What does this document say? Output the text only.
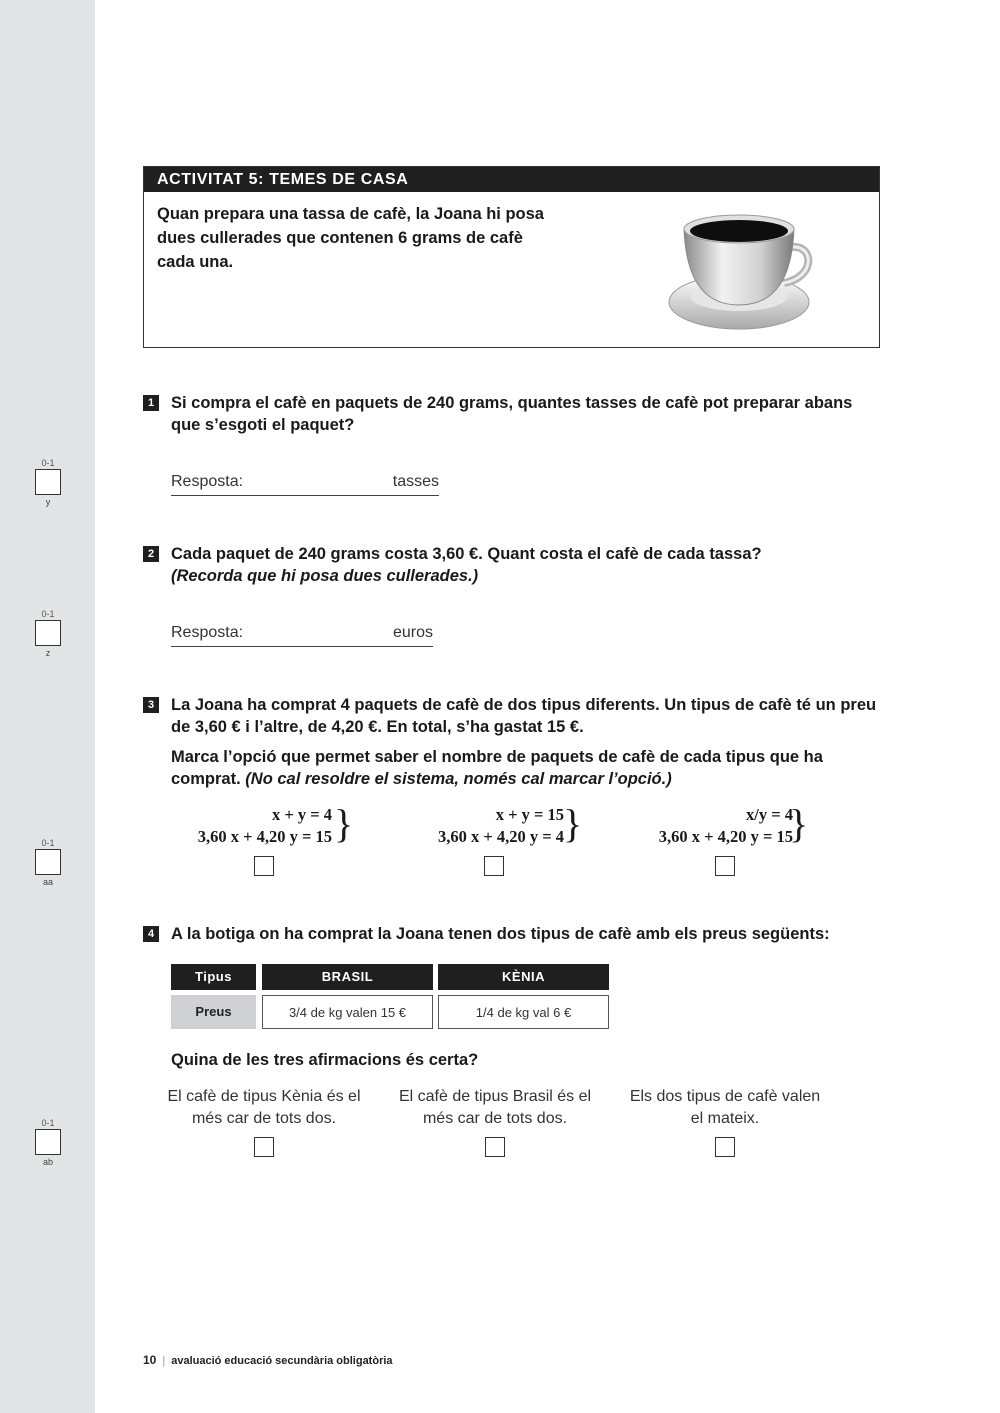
0-1
y
0-1
z
0-1
aa
0-1
ab
ACTIVITAT 5: TEMES DE CASA
Quan prepara una tassa de cafè, la Joana hi posa dues cullerades que contenen 6 grams de cafè cada una.
1 Si compra el cafè en paquets de 240 grams, quantes tasses de cafè pot preparar abans que s’esgoti el paquet?
Resposta:	tasses
2 Cada paquet de 240 grams costa 3,60 €. Quant costa el cafè de cada tassa?
(Recorda que hi posa dues cullerades.)
Resposta:	euros
3 La Joana ha comprat 4 paquets de cafè de dos tipus diferents. Un tipus de cafè té un preu de 3,60 € i l’altre, de 4,20 €. En total, s’ha gastat 15 €.
Marca l’opció que permet saber el nombre de paquets de cafè de cada tipus que ha comprat. (No cal resoldre el sistema, només cal marcar l’opció.)
x + y = 4
3,60 x + 4,20 y = 15 }	x + y = 15
3,60 x + 4,20 y = 4 }	x/y = 4
3,60 x + 4,20 y = 15
}
4 A la botiga on ha comprat la Joana tenen dos tipus de cafè amb els preus següents:
Tipus	BRASIL	KÈNIA
Preus	3/4 de kg valen 15 €	1/4 de kg val 6 €
Quina de les tres afirmacions és certa?
El cafè de tipus Kènia és el més car de tots dos.
El cafè de tipus Brasil és el més car de tots dos.
Els dos tipus de cafè valen el mateix.
10 | avaluació educació secundària obligatòria
